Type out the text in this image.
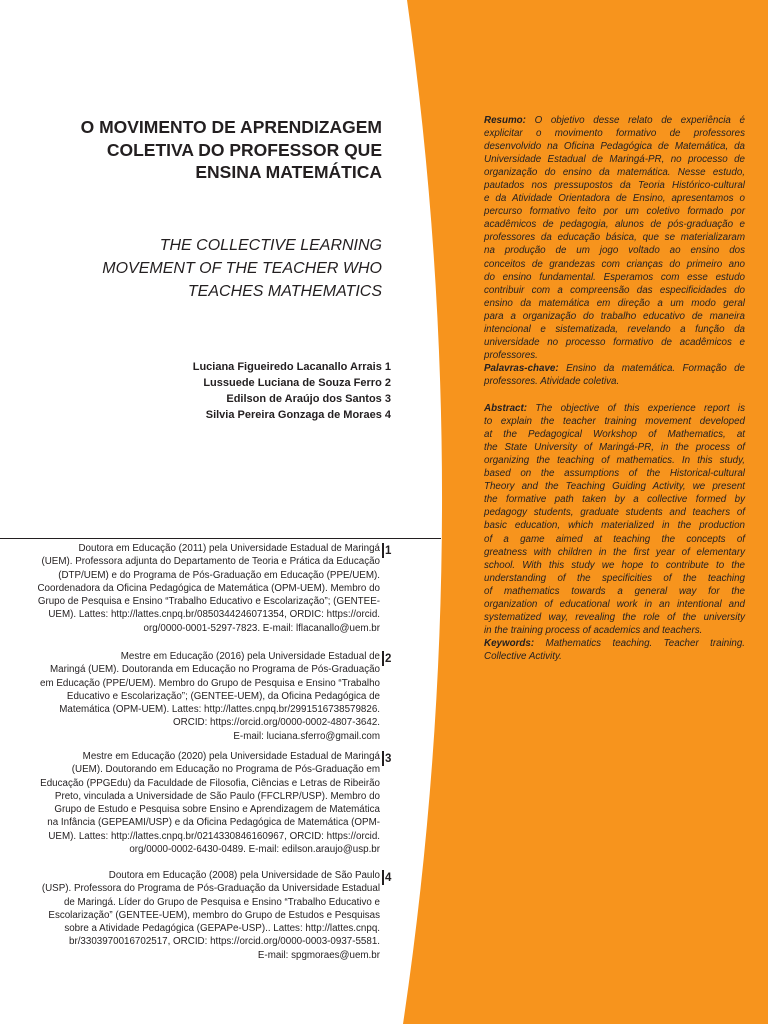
O MOVIMENTO DE APRENDIZAGEM
COLETIVA DO PROFESSOR QUE
ENSINA MATEMÁTICA
THE COLLECTIVE LEARNING
MOVEMENT OF THE TEACHER WHO
TEACHES MATHEMATICS
Luciana Figueiredo Lacanallo Arrais 1
Lussuede Luciana de Souza Ferro 2
Edilson de Araújo dos Santos 3
Silvia Pereira Gonzaga de Moraes 4
Doutora em Educação (2011) pela Universidade Estadual de Maringá
(UEM). Professora adjunta do Departamento de Teoria e Prática da Educação
(DTP/UEM) e do Programa de Pós-Graduação em Educação (PPE/UEM).
Coordenadora da Oficina Pedagógica de Matemática (OPM-UEM). Membro do
Grupo de Pesquisa e Ensino “Trabalho Educativo e Escolarização”; (GENTEE-
UEM). Lattes: http://lattes.cnpq.br/0850344246071354, ORDIC: https://orcid.
org/0000-0001-5297-7823. E-mail: lflacanallo@uem.br
1
Mestre em Educação (2016) pela Universidade Estadual de
Maringá (UEM). Doutoranda em Educação no Programa de Pós-Graduação
em Educação (PPE/UEM). Membro do Grupo de Pesquisa e Ensino “Trabalho
Educativo e Escolarização”; (GENTEE-UEM), da Oficina Pedagógica de
Matemática (OPM-UEM). Lattes: http://lattes.cnpq.br/2991516738579826.
ORCID: https://orcid.org/0000-0002-4807-3642.
E-mail: luciana.sferro@gmail.com
2
Mestre em Educação (2020) pela Universidade Estadual de Maringá
(UEM). Doutorando em Educação no Programa de Pós-Graduação em
Educação (PPGEdu) da Faculdade de Filosofia, Ciências e Letras de Ribeirão
Preto, vinculada a Universidade de São Paulo (FFCLRP/USP). Membro do
Grupo de Estudo e Pesquisa sobre Ensino e Aprendizagem de Matemática
na Infância (GEPEAMI/USP) e da Oficina Pedagógica de Matemática (OPM-
UEM). Lattes: http://lattes.cnpq.br/0214330846160967, ORCID: https://orcid.
org/0000-0002-6430-0489. E-mail: edilson.araujo@usp.br
3
Doutora em Educação (2008) pela Universidade de São Paulo
(USP). Professora do Programa de Pós-Graduação da Universidade Estadual
de Maringá. Líder do Grupo de Pesquisa e Ensino “Trabalho Educativo e
Escolarização” (GENTEE-UEM), membro do Grupo de Estudos e Pesquisas
sobre a Atividade Pedagógica (GEPAPe-USP).. Lattes: http://lattes.cnpq.
br/3303970016702517, ORCID: https://orcid.org/0000-0003-0937-5581.
E-mail: spgmoraes@uem.br
4
Resumo: O objetivo desse relato de experiência é
explicitar o movimento formativo de professores
desenvolvido na Oficina Pedagógica de Matemática, da
Universidade Estadual de Maringá-PR, no processo de
organização do ensino da matemática. Nesse estudo,
pautados nos pressupostos da Teoria Histórico-cultural
e da Atividade Orientadora de Ensino, apresentamos o
percurso formativo feito por um coletivo formado por
acadêmicos de pedagogia, alunos de pós-graduação e
professores da educação básica, que se materializaram
na produção de um jogo voltado ao ensino dos
conceitos de grandezas com crianças do primeiro ano
do ensino fundamental. Esperamos com esse estudo
contribuir com a compreensão das especificidades do
ensino da matemática em direção a um modo geral
para a organização do trabalho educativo de maneira
intencional e sistematizada, revelando a função da
universidade no processo formativo de acadêmicos e
professores.
Palavras-chave: Ensino da matemática. Formação de
professores. Atividade coletiva.
Abstract: The objective of this experience report is
to explain the teacher training movement developed
at the Pedagogical Workshop of Mathematics, at
the State University of Maringá-PR, in the process of
organizing the teaching of mathematics. In this study,
based on the assumptions of the Historical-cultural
Theory and the Teaching Guiding Activity, we present
the formative path taken by a collective formed by
pedagogy students, graduate students and teachers of
basic education, which materialized in the production
of a game aimed at teaching the concepts of
greatness with children in the first year of elementary
school. With this study we hope to contribute to the
understanding of the specificities of the teaching
of mathematics towards a general way for the
organization of educational work in an intentional and
systematized way, revealing the role of the university
in the training process of academics and teachers.
Keywords: Mathematics teaching. Teacher training.
Collective Activity.
